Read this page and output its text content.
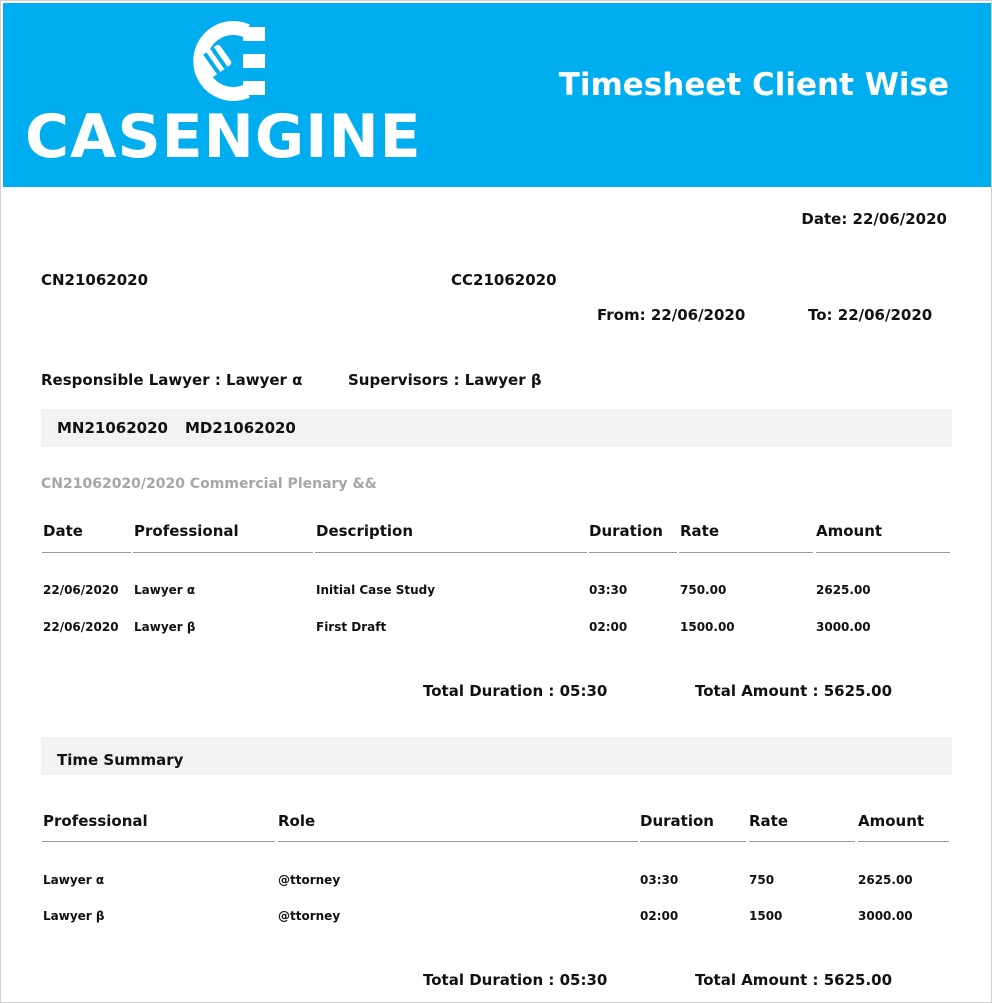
CASENGINE
Timesheet Client Wise
Date: 22/06/2020
CN21062020	CC21062020
From: 22/06/2020	To: 22/06/2020
Responsible Lawyer : Lawyer α	Supervisors : Lawyer β
MN21062020 MD21062020
CN21062020/2020 Commercial Plenary &&
Date	Professional	Description	Duration Rate	Amount
22/06/2020 Lawyer α	Initial Case Study	03:30	750.00	2625.00
22/06/2020 Lawyer β	First Draft	02:00	1500.00	3000.00
Total Duration : 05:30	Total Amount : 5625.00
Time Summary
Professional	Role	Duration Rate	Amount
Lawyer α	@ttorney	03:30	750	2625.00
Lawyer β	@ttorney	02:00	1500	3000.00
Total Duration : 05:30	Total Amount : 5625.00
